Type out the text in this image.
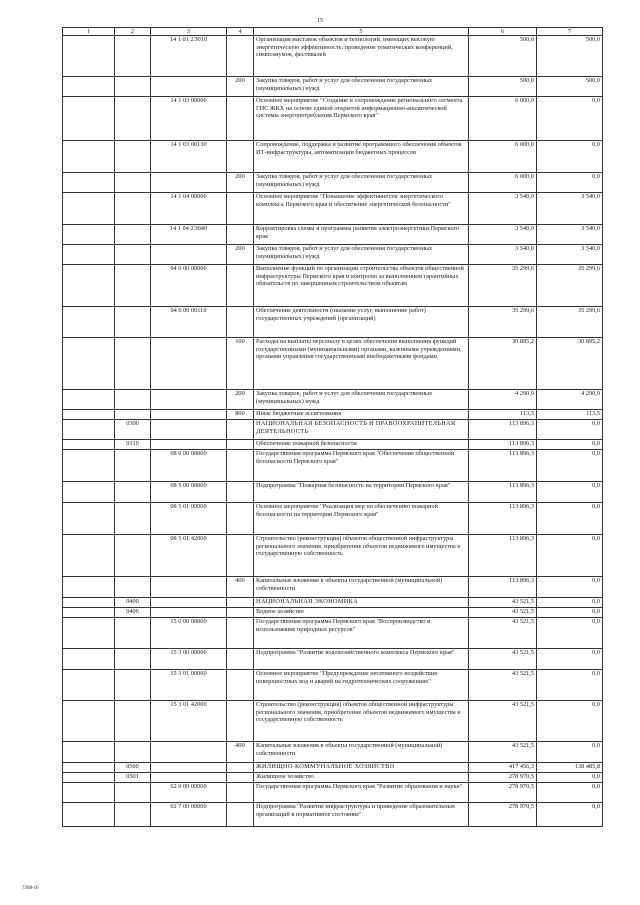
15
1	2	3	4	5	6	7
		14 1 01 2Э010		Организация выставок объектов и технологий, имеющих высокую энергетическую эффективность; проведение тематических конференций, симпозиумов, фестивалей	500,0	500,0
			200	Закупка товаров, работ и услуг для обеспечения государственных (муниципальных) нужд	500,0	500,0
		14 1 03 00000		Основное мероприятие "Создание и сопровождение регионального сегмента ГИС ЖКХ на основе единой открытой информационно-аналитической системы энергопотребления Пермского края"	6 000,0	0,0
		14 1 03 00130		Сопровождение, поддержка и развитие программного обеспечения объектов ИТ-инфраструктуры, автоматизации бюджетных процессов	6 000,0	0,0
			200	Закупка товаров, работ и услуг для обеспечения государственных (муниципальных) нужд	6 000,0	0,0
		14 1 04 00000		Основное мероприятие "Повышение эффективности энергетического комплекса Пермского края и обеспечение энергетической безопасности"	3 540,0	3 540,0
		14 1 04 2Э040		Корректировка схемы и программы развития электроэнергетики Пермского края	3 540,0	3 540,0
			200	Закупка товаров, работ и услуг для обеспечения государственных (муниципальных) нужд	3 540,0	3 540,0
		94 0 00 00000		Выполнение функций по организации строительства объектов общественной инфраструктуры Пермского края и контролю за выполнением гарантийных обязательств по завершенным строительством объектам	35 299,6	35 299,6
		94 0 00 00110		Обеспечение деятельности (оказание услуг, выполнение работ) государственных учреждений (организаций)	35 299,6	35 299,6
			100	Расходы на выплаты персоналу в целях обеспечения выполнения функций государственными (муниципальными) органами, казенными учреждениями, органами управления государственными внебюджетными фондами	30 895,2	30 895,2
			200	Закупка товаров, работ и услуг для обеспечения государственных (муниципальных) нужд	4 290,9	4 290,9
			800	Иные бюджетные ассигнования	113,5	113,5
	0300			НАЦИОНАЛЬНАЯ БЕЗОПАСНОСТЬ И ПРАВООХРАНИТЕЛЬНАЯ ДЕЯТЕЛЬНОСТЬ	113 896,3	0,0
	0310			Обеспечение пожарной безопасности	113 896,3	0,0
		08 0 00 00000		Государственная программа Пермского края "Обеспечение общественной безопасности Пермского края"	113 896,3	0,0
		08 5 00 00000		Подпрограмма "Пожарная безопасность на территории Пермского края"	113 896,3	0,0
		08 5 01 00000		Основное мероприятие "Реализация мер по обеспечению пожарной безопасности на территории Пермского края"	113 896,3	0,0
		08 5 01 42000		Строительство (реконструкция) объектов общественной инфраструктуры регионального значения, приобретение объектов недвижимого имущества в государственную собственность	113 896,3	0,0
			400	Капитальные вложения в объекты государственной (муниципальной) собственности	113 896,3	0,0
	0400			НАЦИОНАЛЬНАЯ ЭКОНОМИКА	43 521,5	0,0
	0406			Водное хозяйство	43 521,5	0,0
		15 0 00 00000		Государственная программа Пермского края "Воспроизводство и использование природных ресурсов"	43 521,5	0,0
		15 3 00 00000		Подпрограмма "Развитие водохозяйственного комплекса Пермского края"	43 521,5	0,0
		15 3 01 00000		Основное мероприятие "Предупреждение негативного воздействия поверхностных вод и аварий на гидротехнических сооружениях"	43 521,5	0,0
		15 3 01 42000		Строительство (реконструкция) объектов общественной инфраструктуры регионального значения, приобретение объектов недвижимого имущества в государственную собственность	43 521,5	0,0
			400	Капитальные вложения в объекты государственной (муниципальной) собственности	43 521,5	0,0
	0500			ЖИЛИЩНО-КОММУНАЛЬНОЕ ХОЗЯЙСТВО	417 456,3	138 485,8
	0501			Жилищное хозяйство	278 970,5	0,0
		02 0 00 00000		Государственная программа Пермского края "Развитие образования и науки"	278 970,5	0,0
		02 7 00 00000		Подпрограмма "Развитие инфраструктуры и приведение образовательных организаций в нормативное состояние"	278 970,5	0,0
7308-16
